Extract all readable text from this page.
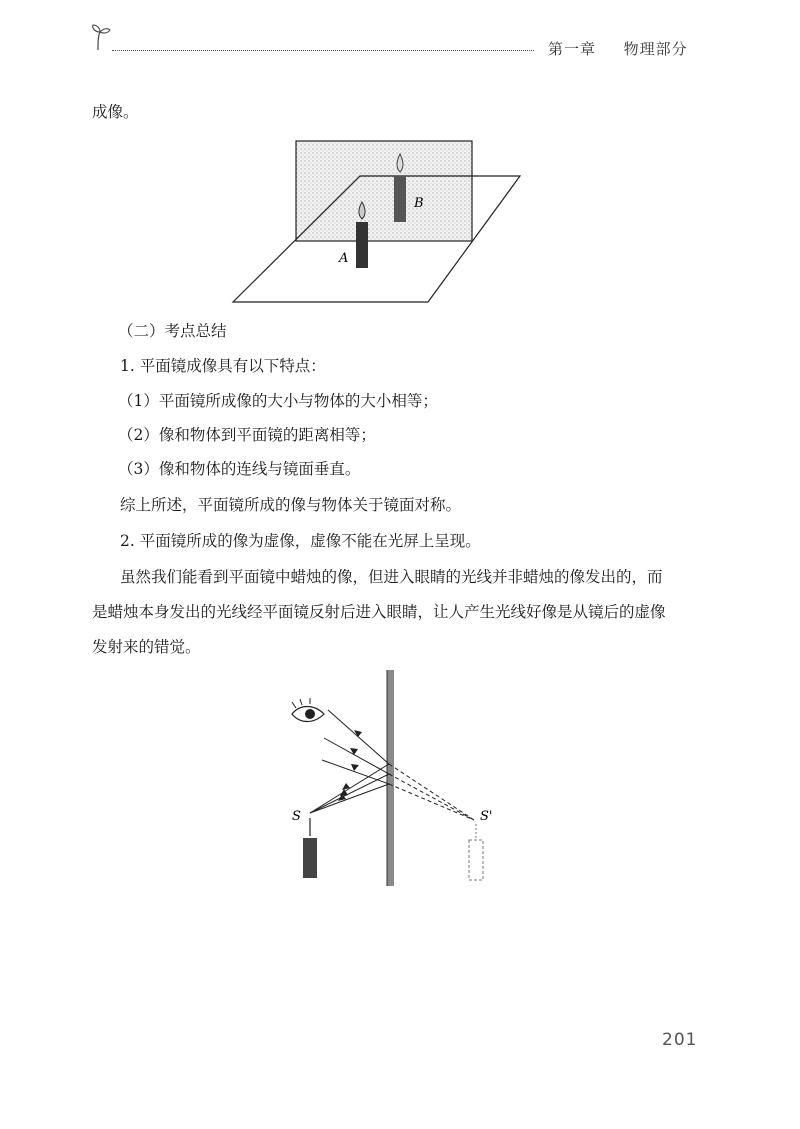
第一章 物理部分
成像。
B
A
（二）考点总结
1. 平面镜成像具有以下特点：
（1）平面镜所成像的大小与物体的大小相等；
（2）像和物体到平面镜的距离相等；
（3）像和物体的连线与镜面垂直。
综上所述，平面镜所成的像与物体关于镜面对称。
2. 平面镜所成的像为虚像，虚像不能在光屏上呈现。
虽然我们能看到平面镜中蜡烛的像，但进入眼睛的光线并非蜡烛的像发出的，而
是蜡烛本身发出的光线经平面镜反射后进入眼睛，让人产生光线好像是从镜后的虚像
发射来的错觉。
S	S'
201
